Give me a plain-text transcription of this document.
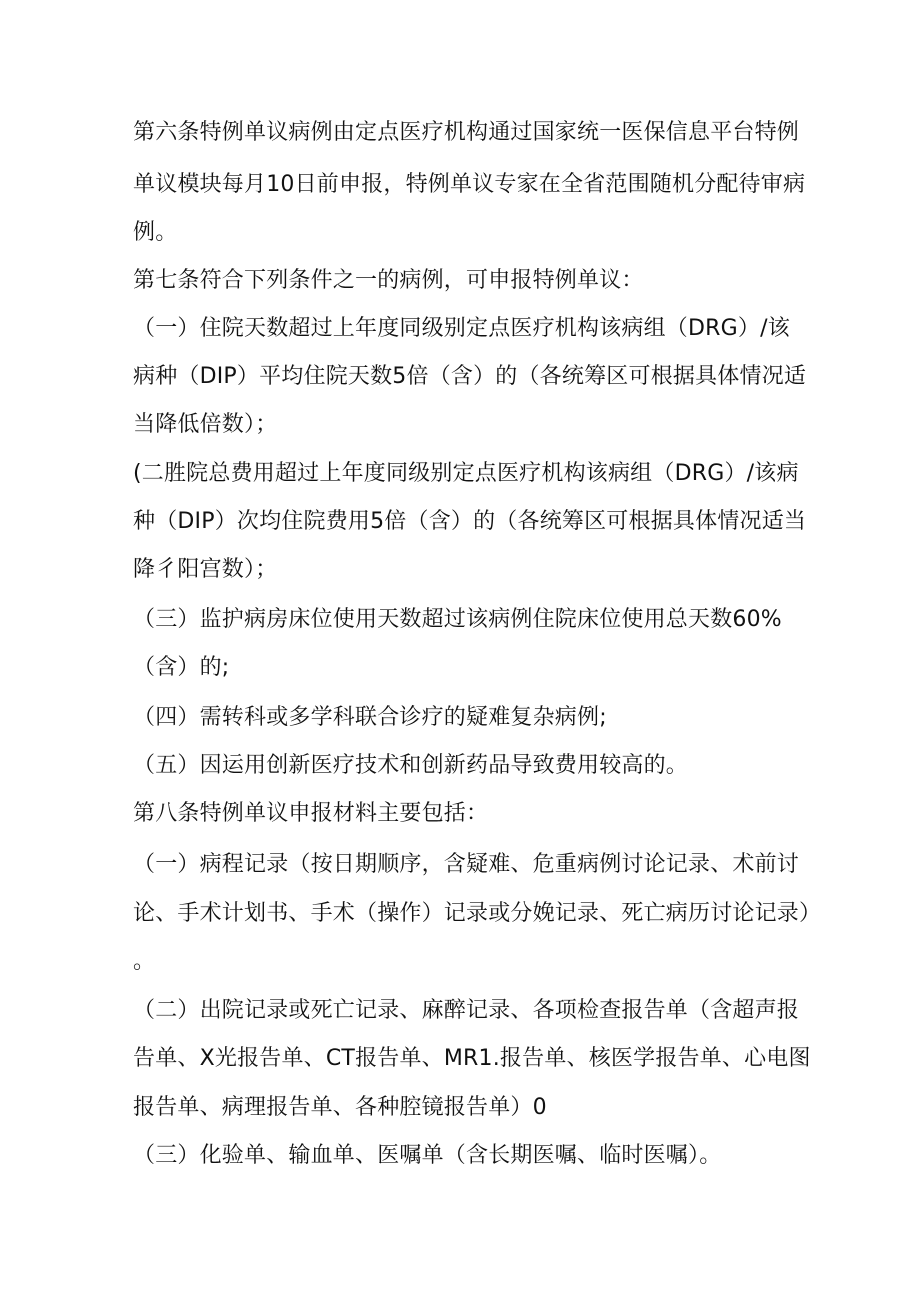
第六条特例单议病例由定点医疗机构通过国家统一医保信息平台特例
单议模块每月10日前申报，特例单议专家在全省范围随机分配待审病
例。
第七条符合下列条件之一的病例，可申报特例单议：
（一）住院天数超过上年度同级别定点医疗机构该病组（DRG）/该
病种（DIP）平均住院天数5倍（含）的（各统筹区可根据具体情况适
当降低倍数）；
(二胜院总费用超过上年度同级别定点医疗机构该病组（DRG）/该病
种（DIP）次均住院费用5倍（含）的（各统筹区可根据具体情况适当
降彳阳宫数）；
（三）监护病房床位使用天数超过该病例住院床位使用总天数60%
（含）的;
（四）需转科或多学科联合诊疗的疑难复杂病例;
（五）因运用创新医疗技术和创新药品导致费用较高的。
第八条特例单议申报材料主要包括：
（一）病程记录（按日期顺序，含疑难、危重病例讨论记录、术前讨
论、手术计划书、手术（操作）记录或分娩记录、死亡病历讨论记录）
。
（二）出院记录或死亡记录、麻醉记录、各项检查报告单（含超声报
告单、X光报告单、CT报告单、MR1.报告单、核医学报告单、心电图
报告单、病理报告单、各种腔镜报告单）0
（三）化验单、输血单、医嘱单（含长期医嘱、临时医嘱）。
